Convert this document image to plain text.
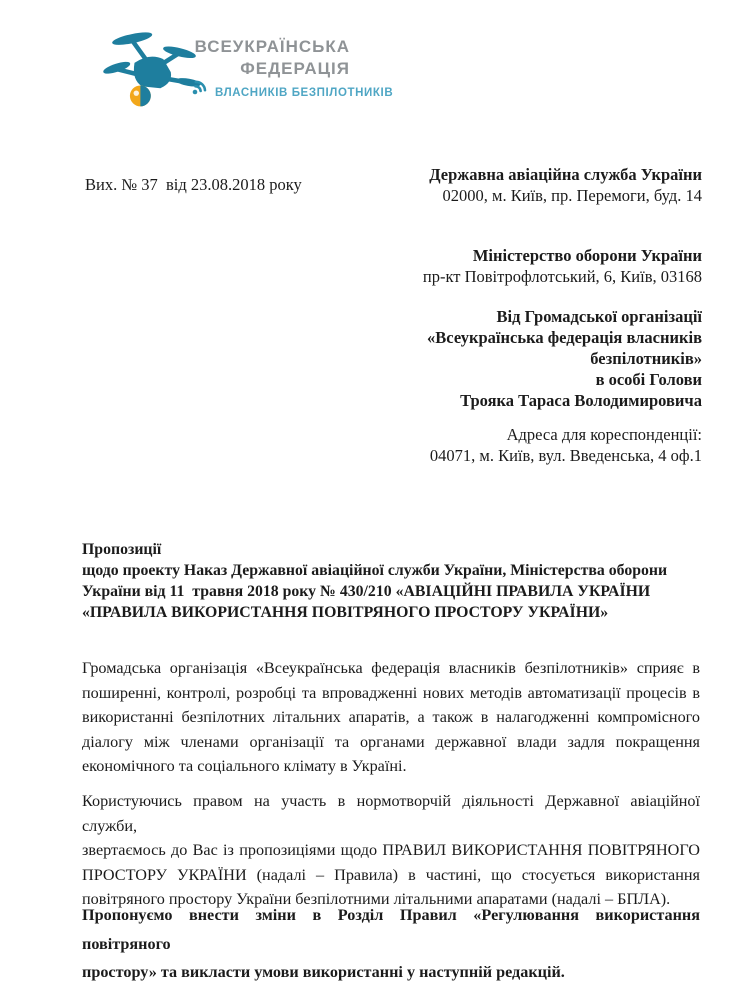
ВСЕУКРАЇНСЬКА
ФЕДЕРАЦІЯ
ВЛАСНИКІВ БЕЗПІЛОТНИКІВ
Вих. № 37  від 23.08.2018 року
Державна авіаційна служба України
02000, м. Київ, пр. Перемоги, буд. 14
Міністерство оборони України
пр-кт Повітрофлотський, 6, Київ, 03168
Від Громадської організації
«Всеукраїнська федерація власників
безпілотників»
в особі Голови
Трояка Тараса Володимировича
Адреса для кореспонденції:
04071, м. Київ, вул. Введенська, 4 оф.1
Пропозиції
щодо проекту Наказ Державної авіаційної служби України, Міністерства оборони
України від 11  травня 2018 року № 430/210 «АВІАЦІЙНІ ПРАВИЛА УКРАЇНИ
«ПРАВИЛА ВИКОРИСТАННЯ ПОВІТРЯНОГО ПРОСТОРУ УКРАЇНИ»
Громадська організація «Всеукраїнська федерація власників безпілотників» сприяє в
поширенні, контролі, розробці та впровадженні нових методів автоматизації процесів в
використанні безпілотних літальних апаратів, а також в налагодженні компромісного
діалогу між членами організації та органами державної влади задля покращення
економічного та соціального клімату в Україні.
Користуючись правом на участь в нормотворчій діяльності Державної авіаційної служби,
звертаємось до Вас із пропозиціями щодо ПРАВИЛ ВИКОРИСТАННЯ ПОВІТРЯНОГО
ПРОСТОРУ УКРАЇНИ (надалі – Правила) в частині, що стосується використання
повітряного простору України безпілотними літальними апаратами (надалі – БПЛА).
Пропонуємо внести зміни в Розділ Правил «Регулювання використання повітряного
простору» та викласти умови використанні у наступній редакцій.
